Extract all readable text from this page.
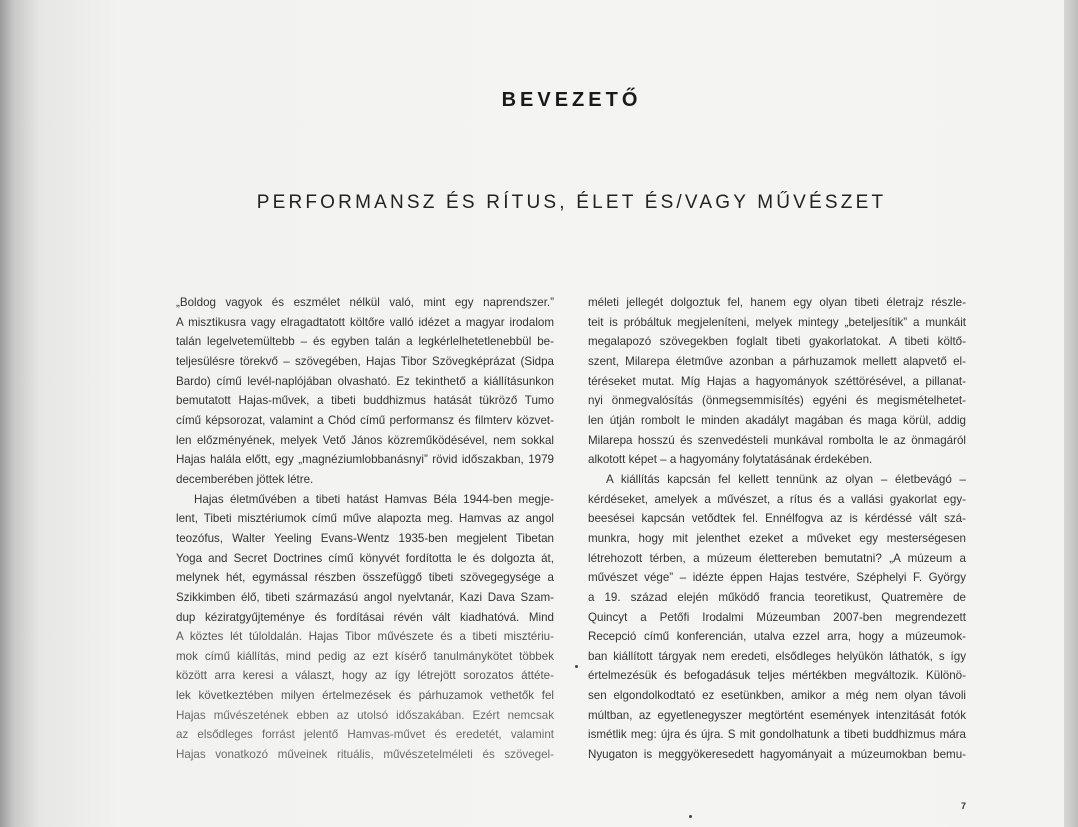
BEVEZETŐ
PERFORMANSZ ÉS RÍTUS, ÉLET ÉS/VAGY MŰVÉSZET

„Boldog vagyok és eszmélet nélkül való, mint egy naprendszer.”

A misztikusra vagy elragadtatott költőre valló idézet a magyar irodalom

talán legelvetemültebb – és egyben talán a legkérlelhetetlenebbül be-

teljesülésre törekvő – szövegében, Hajas Tibor Szövegképrázat (Sidpa

Bardo) című levél-naplójában olvasható. Ez tekinthető a kiállításunkon

bemutatott Hajas-művek, a tibeti buddhizmus hatását tükröző Tumo

című képsorozat, valamint a Chód című performansz és filmterv közvet-

len előzményének, melyek Vető János közreműködésével, nem sokkal

Hajas halála előtt, egy „magnéziumlobbanásnyi” rövid időszakban, 1979

decemberében jöttek létre.

Hajas életművében a tibeti hatást Hamvas Béla 1944-ben megje-

lent, Tibeti misztériumok című műve alapozta meg. Hamvas az angol

teozófus, Walter Yeeling Evans-Wentz 1935-ben megjelent Tibetan

Yoga and Secret Doctrines című könyvét fordította le és dolgozta át,

melynek hét, egymással részben összefüggő tibeti szövegegysége a

Szikkimben élő, tibeti származású angol nyelvtanár, Kazi Dava Szam-

dup kéziratgyűjteménye és fordításai révén vált kiadhatóvá. Mind

A köztes lét túloldalán. Hajas Tibor művészete és a tibeti misztériu-

mok című kiállítás, mind pedig az ezt kísérő tanulmánykötet többek

között arra keresi a választ, hogy az így létrejött sorozatos áttéte-

lek következtében milyen értelmezések és párhuzamok vethetők fel

Hajas művészetének ebben az utolsó időszakában. Ezért nemcsak

az elsődleges forrást jelentő Hamvas-művet és eredetét, valamint

Hajas vonatkozó műveinek rituális, művészetelméleti és szövegel-

méleti jellegét dolgoztuk fel, hanem egy olyan tibeti életrajz részle-

teit is próbáltuk megjeleníteni, melyek mintegy „beteljesítik” a munkáit

megalapozó szövegekben foglalt tibeti gyakorlatokat. A tibeti költő-

szent, Milarepa életműve azonban a párhuzamok mellett alapvető el-

téréseket mutat. Míg Hajas a hagyományok széttörésével, a pillanat-

nyi önmegvalósítás (önmegsemmisítés) egyéni és megismételhetet-

len útján rombolt le minden akadályt magában és maga körül, addig

Milarepa hosszú és szenvedésteli munkával rombolta le az önmagáról

alkotott képet – a hagyomány folytatásának érdekében.

A kiállítás kapcsán fel kellett tennünk az olyan – életbevágó –

kérdéseket, amelyek a művészet, a rítus és a vallási gyakorlat egy-

beesései kapcsán vetődtek fel. Ennélfogva az is kérdéssé vált szá-

munkra, hogy mit jelenthet ezeket a műveket egy mesterségesen

létrehozott térben, a múzeum élettereben bemutatni? „A múzeum a

művészet vége” – idézte éppen Hajas testvére, Széphelyi F. György

a 19. század elején működő francia teoretikust, Quatremère de

Quincyt a Petőfi Irodalmi Múzeumban 2007-ben megrendezett

Recepció című konferencián, utalva ezzel arra, hogy a múzeumok-

ban kiállított tárgyak nem eredeti, elsődleges helyükön láthatók, s így

értelmezésük és befogadásuk teljes mértékben megváltozik. Különö-

sen elgondolkodtató ez esetünkben, amikor a még nem olyan távoli

múltban, az egyetlenegyszer megtörtént események intenzitását fotók

ismétlik meg: újra és újra. S mit gondolhatunk a tibeti buddhizmus mára

Nyugaton is meggyökeresedett hagyományait a múzeumokban bemu-

7
